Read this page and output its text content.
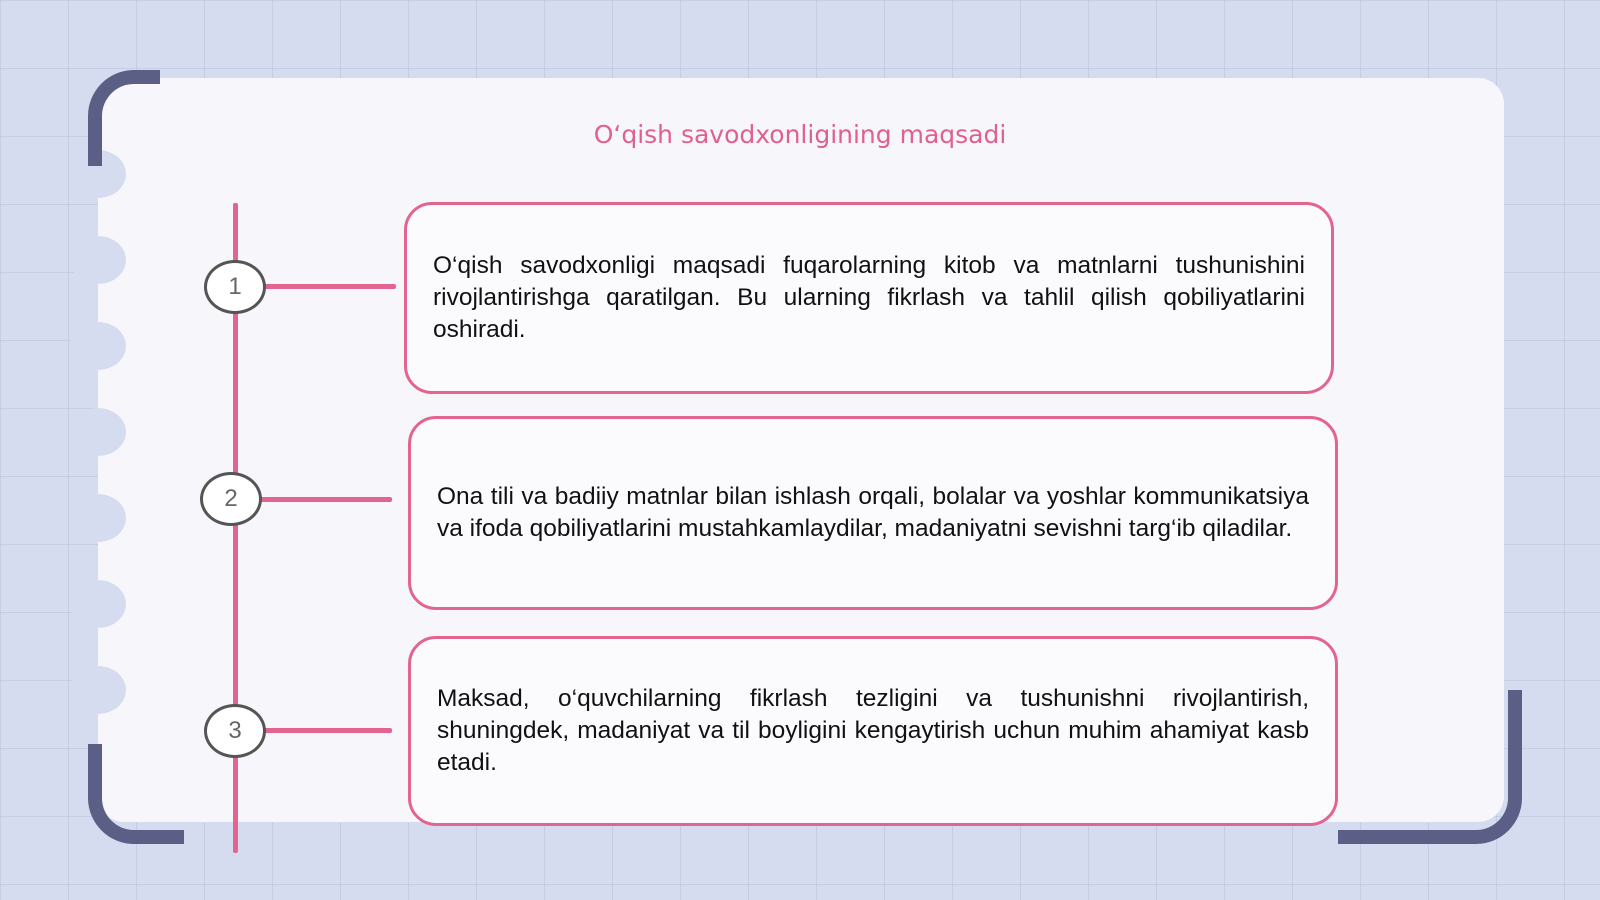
O‘qish savodxonligining maqsadi
1

O‘qish savodxonligi maqsadi fuqarolarning kitob va matnlarni tushunishini rivojlantirishga qaratilgan. Bu ularning fikrlash va tahlil qilish qobiliyatlarini oshiradi.

2	Ona tili va badiiy matnlar bilan ishlash orqali, bolalar va yoshlar kommunikatsiya va ifoda qobiliyatlarini mustahkamlaydilar, madaniyatni sevishni targ‘ib qiladilar.

3

Maksad, o‘quvchilarning fikrlash tezligini va tushunishni rivojlantirish, shuningdek, madaniyat va til boyligini kengaytirish uchun muhim ahamiyat kasb etadi.
